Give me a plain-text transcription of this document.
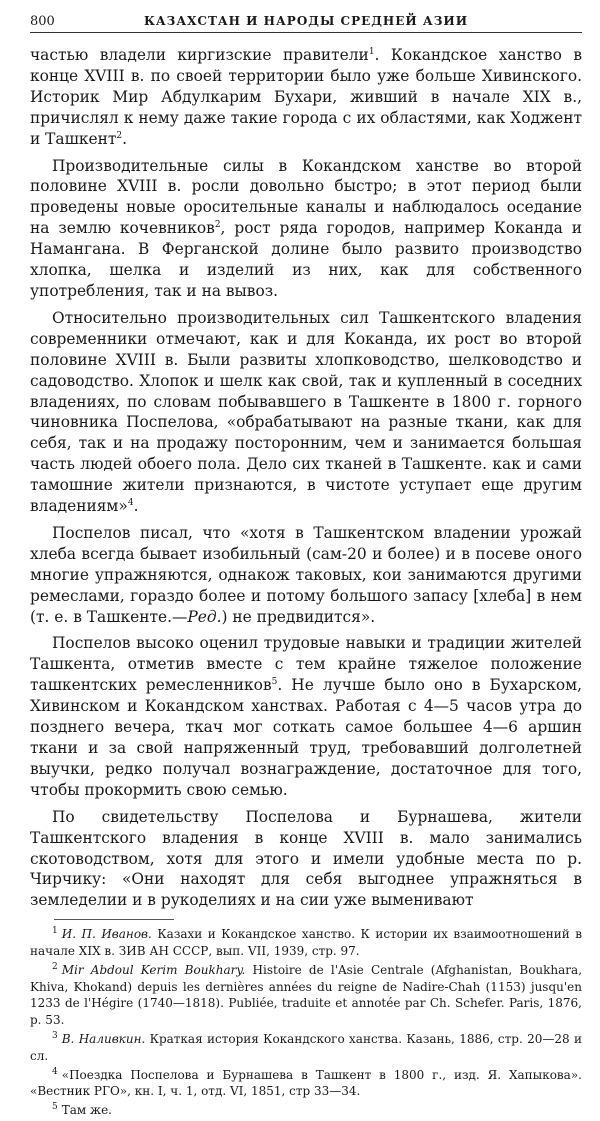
800	КАЗАХСТАН И НАРОДЫ СРЕДНЕЙ АЗИИ

частью владели киргизские правители$^1$. Кокандское ханство в конце XVIII в. по своей территории было уже больше Хивинского. Историк Мир Абдулкарим Бухари, живший в начале XIX в., причислял к нему даже такие города с их областями, как Ходжент и Ташкент$^2$.

Производительные силы в Кокандском ханстве во второй половине XVIII в. росли довольно быстро; в этот период были проведены новые оросительные каналы и наблюдалось оседание на землю кочевников$^2$, рост ряда городов, например Коканда и Намангана. В Ферганской долине было развито производство хлопка, шелка и изделий из них, как для собственного употребления, так и на вывоз.

Относительно производительных сил Ташкентского владения современники отмечают, как и для Коканда, их рост во второй половине XVIII в. Были развиты хлопководство, шелководство и садоводство. Хлопок и шелк как свой, так и купленный в соседних владениях, по словам побывавшего в Ташкенте в 1800 г. горного чиновника Поспелова, «обрабатывают на разные ткани, как для себя, так и на продажу посторонним, чем и занимается большая часть людей обоего пола. Дело сих тканей в Ташкенте. как и сами тамошние жители признаются, в чистоте уступает еще другим владениям»$^4$.

Поспелов писал, что «хотя в Ташкентском владении урожай хлеба всегда бывает изобильный (сам-20 и более) и в посеве оного многие упражняются, однакож таковых, кои занимаются другими ремеслами, гораздо более и потому большого запасу [хлеба] в нем (т. е. в Ташкенте.—Ред.) не предвидится».

Поспелов высоко оценил трудовые навыки и традиции жителей Ташкента, отметив вместе с тем крайне тяжелое положение ташкентских ремесленников$^5$. Не лучше было оно в Бухарском, Хивинском и Кокандском ханствах. Работая с 4—5 часов утра до позднего вечера, ткач мог соткать самое большее 4—6 аршин ткани и за свой напряженный труд, требовавший долголетней выучки, редко получал вознаграждение, достаточное для того, чтобы прокормить свою семью.

По свидетельству Поспелова и Бурнашева, жители Ташкентского владения в конце XVIII в. мало занимались скотоводством, хотя для этого и имели удобные места по р. Чирчику: «Они находят для себя выгоднее упражняться в земледелии и в рукоделиях и на сии уже выменивают

$^1$ И. П. Иванов. Казахи и Кокандское ханство. К истории их взаимоотношений в начале XIX в. ЗИВ АН СССР, вып. VII, 1939, стр. 97.

$^2$ Mir Abdoul Kerim Boukhary. Histoire de l'Asie Centrale (Afghanistan, Boukhara, Khiva, Khokand) depuis les dernières années du reigne de Nadire-Chah (1153) jusqu'en 1233 de l'Hégire (1740—1818). Publiée, traduite et annotée par Ch. Schefer. Paris, 1876, p. 53.

$^3$ В. Наливкин. Краткая история Кокандского ханства. Казань, 1886, стр. 20—28 и сл.

$^4$ «Поездка Поспелова и Бурнашева в Ташкент в 1800 г., изд. Я. Хапыкова». «Вестник РГО», кн. I, ч. 1, отд. VI, 1851, стр 33—34.

$^5$ Там же.
